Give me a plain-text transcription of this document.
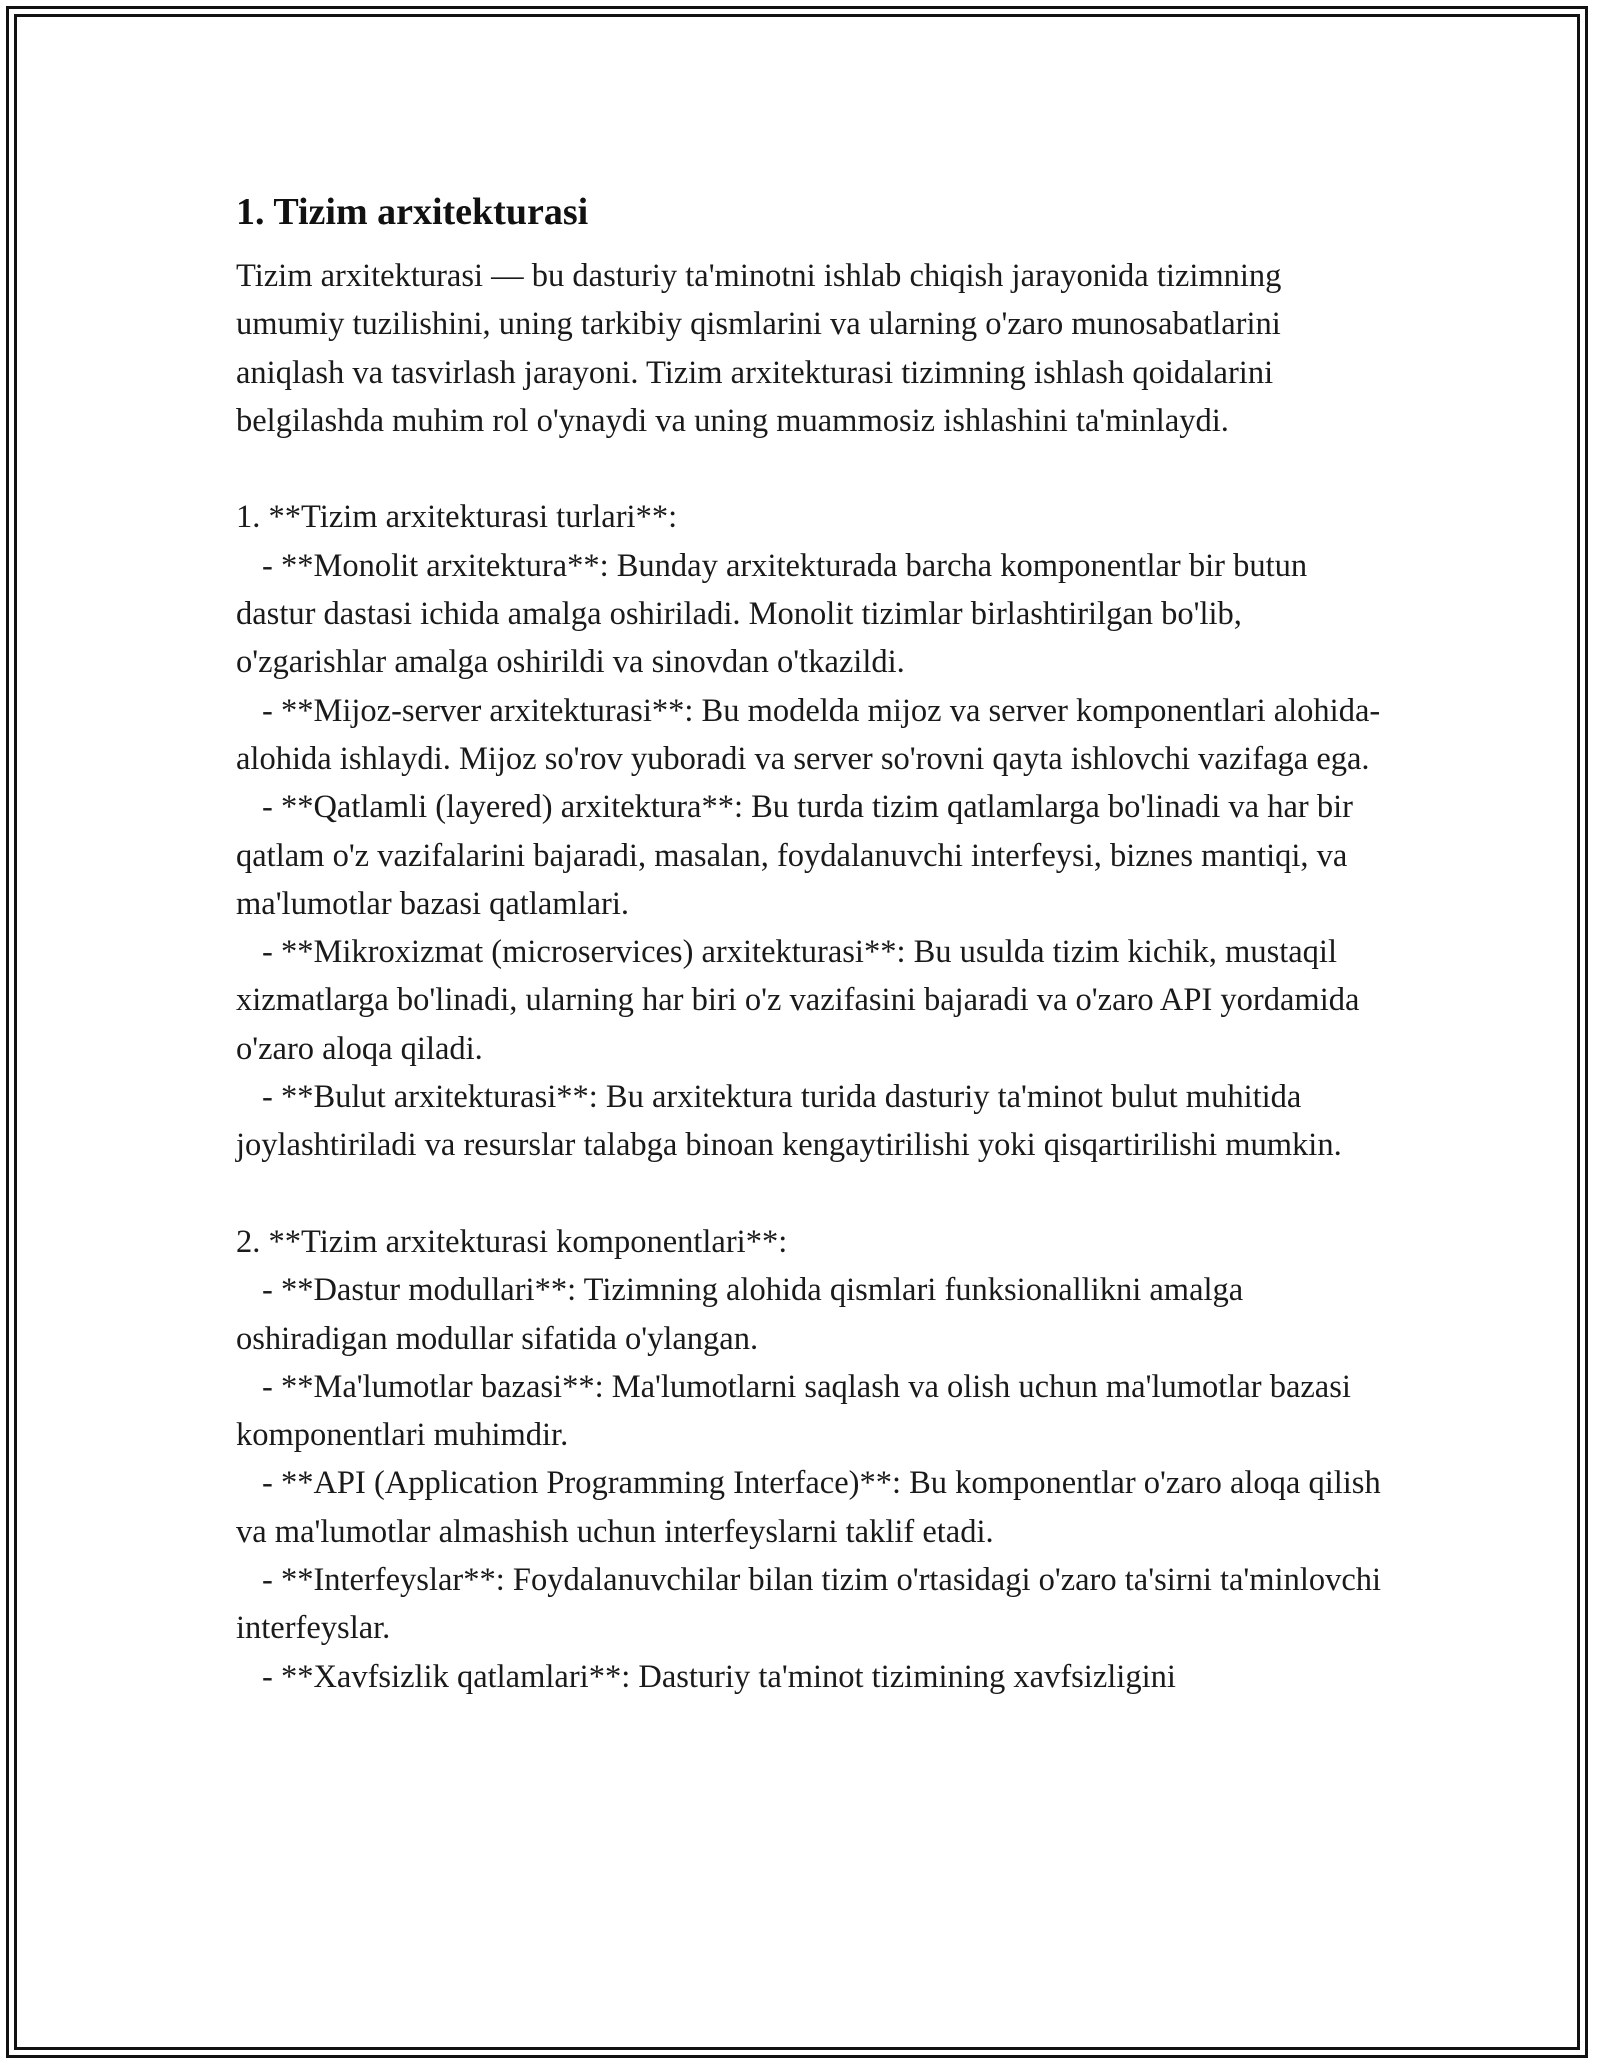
1. Tizim arxitekturasi

Tizim arxitekturasi — bu dasturiy ta'minotni ishlab chiqish jarayonida tizimning umumiy tuzilishini, uning tarkibiy qismlarini va ularning o'zaro munosabatlarini aniqlash va tasvirlash jarayoni. Tizim arxitekturasi tizimning ishlash qoidalarini belgilashda muhim rol o'ynaydi va uning muammosiz ishlashini ta'minlaydi.

1. **Tizim arxitekturasi turlari**:

- **Monolit arxitektura**: Bunday arxitekturada barcha komponentlar bir butun dastur dastasi ichida amalga oshiriladi. Monolit tizimlar birlashtirilgan bo'lib, o'zgarishlar amalga oshirildi va sinovdan o'tkazildi.

- **Mijoz-server arxitekturasi**: Bu modelda mijoz va server komponentlari alohida-alohida ishlaydi. Mijoz so'rov yuboradi va server so'rovni qayta ishlovchi vazifaga ega.

- **Qatlamli (layered) arxitektura**: Bu turda tizim qatlamlarga bo'linadi va har bir qatlam o'z vazifalarini bajaradi, masalan, foydalanuvchi interfeysi, biznes mantiqi, va ma'lumotlar bazasi qatlamlari.

- **Mikroxizmat (microservices) arxitekturasi**: Bu usulda tizim kichik, mustaqil xizmatlarga bo'linadi, ularning har biri o'z vazifasini bajaradi va o'zaro API yordamida o'zaro aloqa qiladi.

- **Bulut arxitekturasi**: Bu arxitektura turida dasturiy ta'minot bulut muhitida joylashtiriladi va resurslar talabga binoan kengaytirilishi yoki qisqartirilishi mumkin.

2. **Tizim arxitekturasi komponentlari**:

- **Dastur modullari**: Tizimning alohida qismlari funksionallikni amalga oshiradigan modullar sifatida o'ylangan.

- **Ma'lumotlar bazasi**: Ma'lumotlarni saqlash va olish uchun ma'lumotlar bazasi komponentlari muhimdir.

- **API (Application Programming Interface)**: Bu komponentlar o'zaro aloqa qilish va ma'lumotlar almashish uchun interfeyslarni taklif etadi.

- **Interfeyslar**: Foydalanuvchilar bilan tizim o'rtasidagi o'zaro ta'sirni ta'minlovchi interfeyslar.

- **Xavfsizlik qatlamlari**: Dasturiy ta'minot tizimining xavfsizligini
